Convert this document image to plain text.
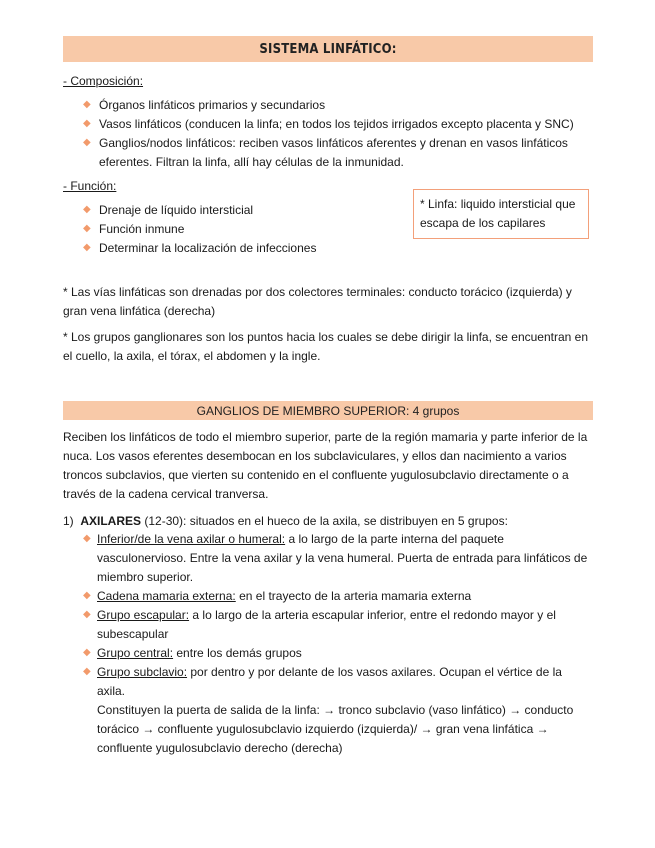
SISTEMA LINFÁTICO:
- Composición:
◆ Órganos linfáticos primarios y secundarios
◆ Vasos linfáticos (conducen la linfa; en todos los tejidos irrigados excepto placenta y SNC)
◆ Ganglios/nodos linfáticos: reciben vasos linfáticos aferentes y drenan en vasos linfáticos eferentes. Filtran la linfa, allí hay células de la inmunidad.
- Función:
◆ Drenaje de líquido intersticial
◆ Función inmune
◆ Determinar la localización de infecciones
* Linfa: liquido intersticial que escapa de los capilares

* Las vías linfáticas son drenadas por dos colectores terminales: conducto torácico (izquierda) y gran vena linfática (derecha)

* Los grupos ganglionares son los puntos hacia los cuales se debe dirigir la linfa, se encuentran en el cuello, la axila, el tórax, el abdomen y la ingle.

GANGLIOS DE MIEMBRO SUPERIOR: 4 grupos

Reciben los linfáticos de todo el miembro superior, parte de la región mamaria y parte inferior de la nuca. Los vasos eferentes desembocan en los subclaviculares, y ellos dan nacimiento a varios troncos subclavios, que vierten su contenido en el confluente yugulosubclavio directamente o a través de la cadena cervical tranversa.

1) AXILARES (12-30): situados en el hueco de la axila, se distribuyen en 5 grupos:
◆ Inferior/de la vena axilar o humeral: a lo largo de la parte interna del paquete vasculonervioso. Entre la vena axilar y la vena humeral. Puerta de entrada para linfáticos de miembro superior.
◆ Cadena mamaria externa: en el trayecto de la arteria mamaria externa
◆ Grupo escapular: a lo largo de la arteria escapular inferior, entre el redondo mayor y el subescapular
◆ Grupo central: entre los demás grupos
◆ Grupo subclavio: por dentro y por delante de los vasos axilares. Ocupan el vértice de la axila.
Constituyen la puerta de salida de la linfa: → tronco subclavio (vaso linfático) → conducto torácico → confluente yugulosubclavio izquierdo (izquierda)/ → gran vena linfática → confluente yugulosubclavio derecho (derecha)
